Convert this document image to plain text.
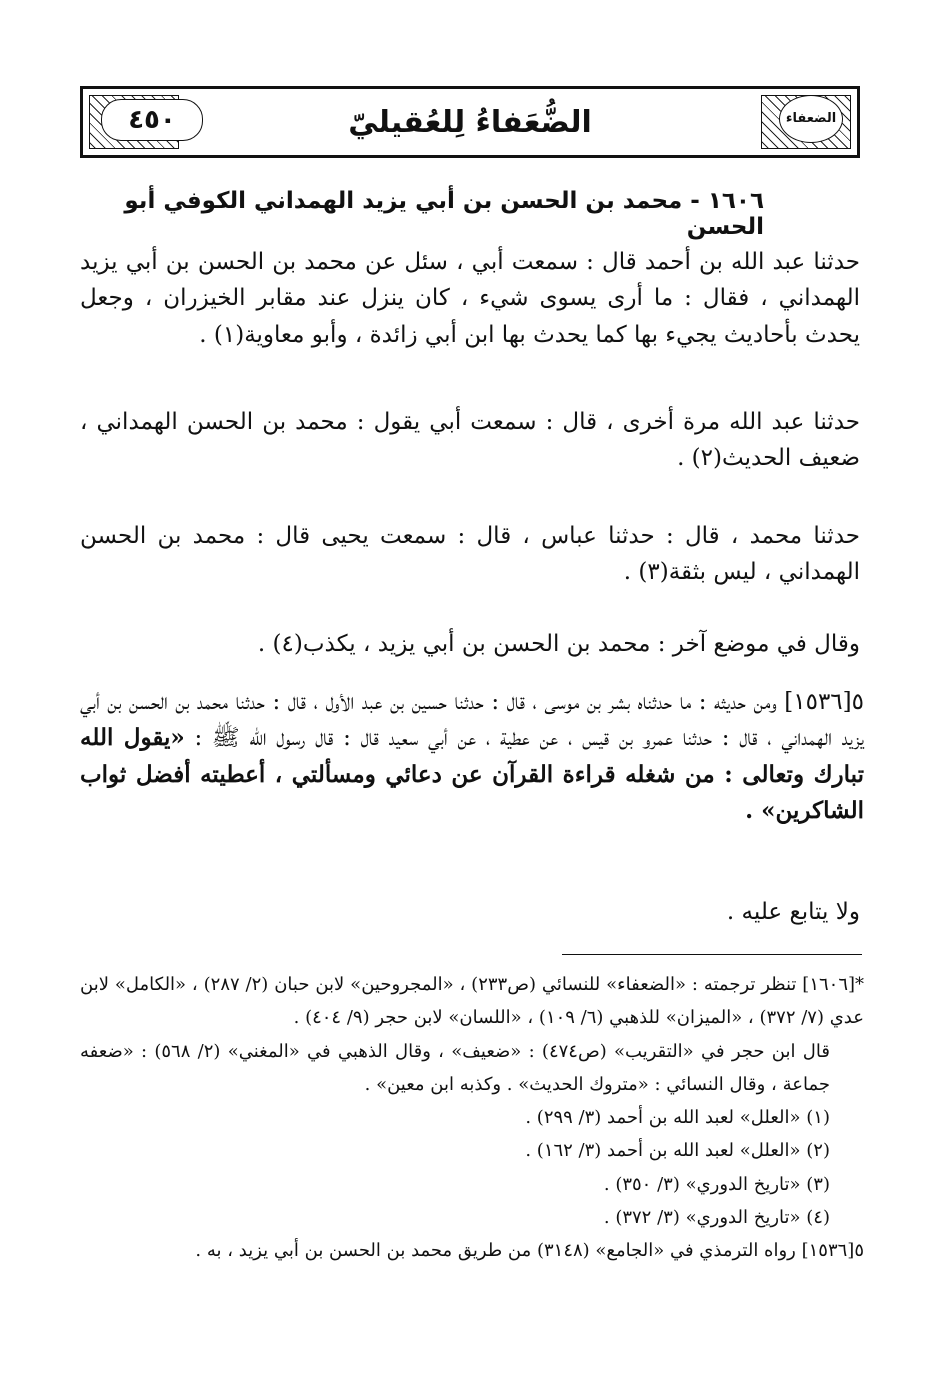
الضُّعَفاءُ لِلعُقيليّ
٤٥٠	الضعفاء
١٦٠٦ - محمد بن الحسن بن أبي يزيد الهمداني الكوفي أبو الحسن
حدثنا عبد الله بن أحمد قال : سمعت أبي ، سئل عن محمد بن الحسن بن أبي يزيد الهمداني ، فقال : ما أرى يسوى شيء ، كان ينزل عند مقابر الخيزران ، وجعل يحدث بأحاديث يجيء بها كما يحدث بها ابن أبي زائدة ، وأبو معاوية(١) .
حدثنا عبد الله مرة أخرى ، قال : سمعت أبي يقول : محمد بن الحسن الهمداني ، ضعيف الحديث(٢) .
حدثنا محمد ، قال : حدثنا عباس ، قال : سمعت يحيى قال : محمد بن الحسن الهمداني ، ليس بثقة(٣) .
وقال في موضع آخر : محمد بن الحسن بن أبي يزيد ، يكذب(٤) .
٥[١٥٣٦] ومن حديثه : ما حدثناه بشر بن موسى ، قال : حدثنا حسين بن عبد الأول ، قال : حدثنا محمد بن الحسن بن أبي يزيد الهمداني ، قال : حدثنا عمرو بن قيس ، عن عطية ، عن أبي سعيد قال : قال رسول الله ﷺ : «يقول الله تبارك وتعالى : من شغله قراءة القرآن عن دعائي ومسألتي ، أعطيته أفضل ثواب الشاكرين» .
ولا يتابع عليه .
*[١٦٠٦] تنظر ترجمته : «الضعفاء» للنسائي (ص٢٣٣) ، «المجروحين» لابن حبان (٢/ ٢٨٧) ، «الكامل» لابن عدي (٧/ ٣٧٢) ، «الميزان» للذهبي (٦/ ١٠٩) ، «اللسان» لابن حجر (٩/ ٤٠٤) .
قال ابن حجر في «التقريب» (ص٤٧٤) : «ضعيف» ، وقال الذهبي في «المغني» (٢/ ٥٦٨) : «ضعفه جماعة ، وقال النسائي : «متروك الحديث» . وكذبه ابن معين» .
(١) «العلل» لعبد الله بن أحمد (٣/ ٢٩٩) .
(٢) «العلل» لعبد الله بن أحمد (٣/ ١٦٢) .
(٣) «تاريخ الدوري» (٣/ ٣٥٠) .
(٤) «تاريخ الدوري» (٣/ ٣٧٢) .
٥[١٥٣٦] رواه الترمذي في «الجامع» (٣١٤٨) من طريق محمد بن الحسن بن أبي يزيد ، به .
